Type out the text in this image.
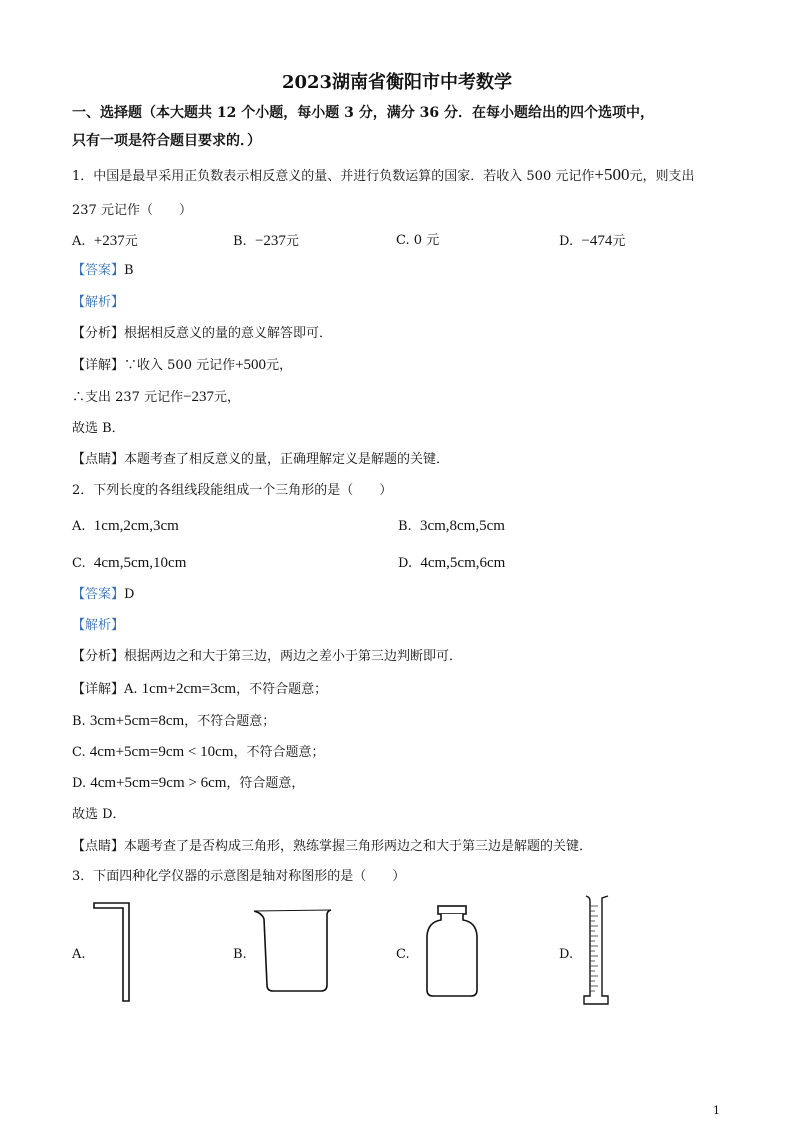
2023湖南省衡阳市中考数学
一、选择题（本大题共 12 个小题，每小题 3 分，满分 36 分．在每小题给出的四个选项中，
只有一项是符合题目要求的．）
1．中国是最早采用正负数表示相反意义的量、并进行负数运算的国家．若收入 500 元记作+500元，则支出
237 元记作（　　）
A. +237元	B. −237元	C. 0 元	D. −474元
【答案】B
【解析】
【分析】根据相反意义的量的意义解答即可．
【详解】∵收入 500 元记作+500元，
∴支出 237 元记作−237元，
故选 B．
【点睛】本题考查了相反意义的量，正确理解定义是解题的关键．
2．下列长度的各组线段能组成一个三角形的是（　　）
A. 1cm,2cm,3cm	B. 3cm,8cm,5cm
C. 4cm,5cm,10cm	D. 4cm,5cm,6cm
【答案】D
【解析】
【分析】根据两边之和大于第三边，两边之差小于第三边判断即可．
【详解】A. 1cm+2cm=3cm，不符合题意；
B. 3cm+5cm=8cm，不符合题意；
C. 4cm+5cm=9cm < 10cm，不符合题意；
D. 4cm+5cm=9cm > 6cm，符合题意，
故选 D．
【点睛】本题考查了是否构成三角形，熟练掌握三角形两边之和大于第三边是解题的关键．
3．下面四种化学仪器的示意图是轴对称图形的是（　　）
A.	B.	C.	D.
1
